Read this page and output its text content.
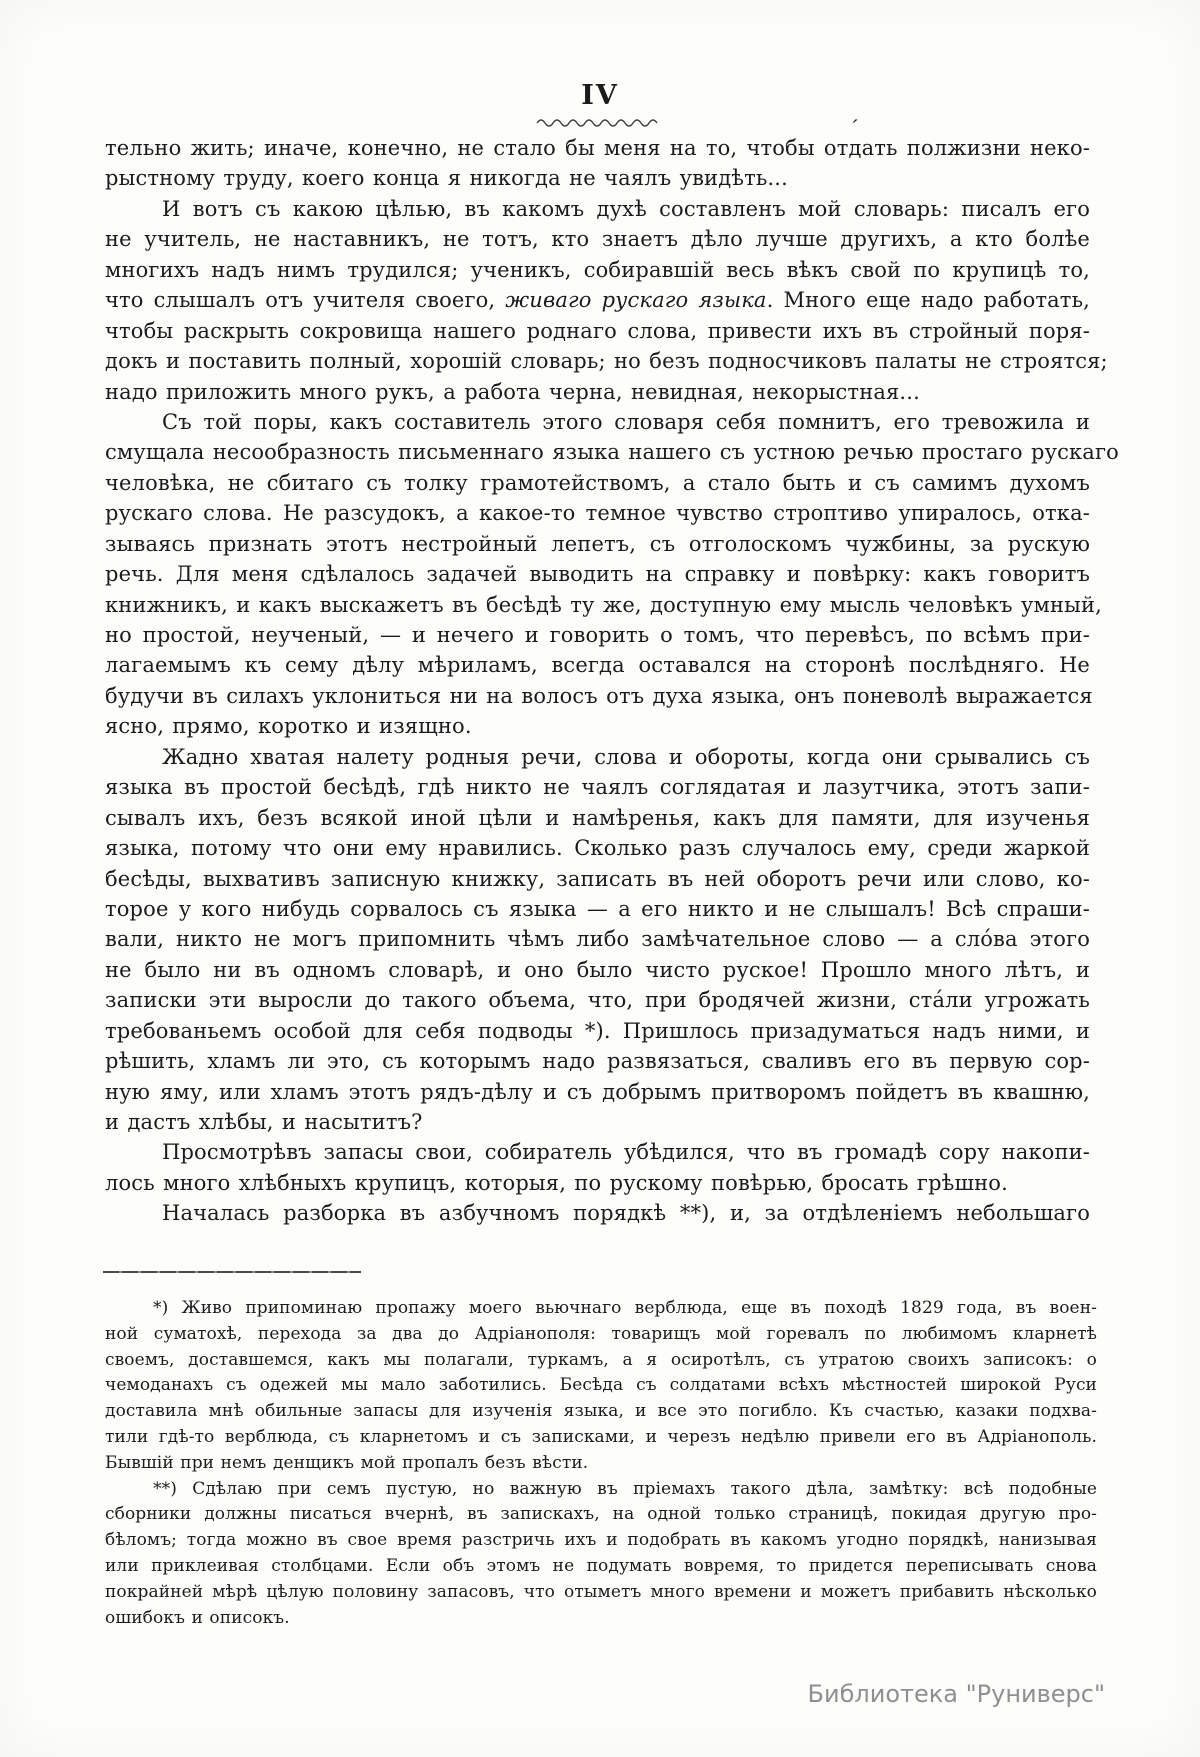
IV
´
тельно жить; иначе, конечно, не стало бы меня на то, чтобы отдать полжизни неко-
рыстному труду, коего конца я никогда не чаялъ увидѣть...
И вотъ съ какою цѣлью, въ какомъ духѣ составленъ мой словарь: писалъ его
не учитель, не наставникъ, не тотъ, кто знаетъ дѣло лучше другихъ, а кто болѣе
многихъ надъ нимъ трудился; ученикъ, собиравшій весь вѣкъ свой по крупицѣ то,
что слышалъ отъ учителя своего, живаго рускаго языка. Много еще надо работать,
чтобы раскрыть сокровища нашего роднаго слова, привести ихъ въ стройный поря-
докъ и поставить полный, хорошій словарь; но безъ подносчиковъ палаты не строятся;
надо приложить много рукъ, а работа черна, невидная, некорыстная...
Съ той поры, какъ составитель этого словаря себя помнитъ, его тревожила и
смущала несообразность письменнаго языка нашего съ устною речью простаго рускаго
человѣка, не сбитаго съ толку грамотействомъ, а стало быть и съ самимъ духомъ
рускаго слова. Не разсудокъ, а какое-то темное чувство строптиво упиралось, отка-
зываясь признать этотъ нестройный лепетъ, съ отголоскомъ чужбины, за рускую
речь. Для меня сдѣлалось задачей выводить на справку и повѣрку: какъ говоритъ
книжникъ, и какъ выскажетъ въ бесѣдѣ ту же, доступную ему мысль человѣкъ умный,
но простой, неученый, — и нечего и говорить о томъ, что перевѣсъ, по всѣмъ при-
лагаемымъ къ сему дѣлу мѣриламъ, всегда оставался на сторонѣ послѣдняго. Не
будучи въ силахъ уклониться ни на волосъ отъ духа языка, онъ поневолѣ выражается
ясно, прямо, коротко и изящно.
Жадно хватая налету родныя речи, слова и обороты, когда они срывались съ
языка въ простой бесѣдѣ, гдѣ никто не чаялъ соглядатая и лазутчика, этотъ запи-
сывалъ ихъ, безъ всякой иной цѣли и намѣренья, какъ для памяти, для изученья
языка, потому что они ему нравились. Сколько разъ случалось ему, среди жаркой
бесѣды, выхвативъ записную книжку, записать въ ней оборотъ речи или слово, ко-
торое у кого нибудь сорвалось съ языка — а его никто и не слышалъ! Всѣ спраши-
вали, никто не могъ припомнить чѣмъ либо замѣчательное слово — а сло́ва этого
не было ни въ одномъ словарѣ, и оно было чисто руское! Прошло много лѣтъ, и
записки эти выросли до такого объема, что, при бродячей жизни, ста́ли угрожать
требованьемъ особой для себя подводы *). Пришлось призадуматься надъ ними, и
рѣшить, хламъ ли это, съ которымъ надо развязаться, сваливъ его въ первую сор-
ную яму, или хламъ этотъ рядъ-дѣлу и съ добрымъ притворомъ пойдетъ въ квашню,
и дастъ хлѣбы, и насытитъ?
Просмотрѣвъ запасы свои, собиратель убѣдился, что въ громадѣ сору накопи-
лось много хлѣбныхъ крупицъ, которыя, по рускому повѣрью, бросать грѣшно.
Началась разборка въ азбучномъ порядкѣ **), и, за отдѣленіемъ небольшаго
*) Живо припоминаю пропажу моего вьючнаго верблюда, еще въ походѣ 1829 года, въ воен-
ной суматохѣ, перехода за два до Адріанополя: товарищъ мой горевалъ по любимомъ кларнетѣ
своемъ, доставшемся, какъ мы полагали, туркамъ, а я осиротѣлъ, съ утратою своихъ записокъ: о
чемоданахъ съ одежей мы мало заботились. Бесѣда съ солдатами всѣхъ мѣстностей широкой Руси
доставила мнѣ обильные запасы для изученія языка, и все это погибло. Къ счастью, казаки подхва-
тили гдѣ-то верблюда, съ кларнетомъ и съ записками, и черезъ недѣлю привели его въ Адріанополь.
Бывшій при немъ денщикъ мой пропалъ безъ вѣсти.
**) Сдѣлаю при семъ пустую, но важную въ пріемахъ такого дѣла, замѣтку: всѣ подобные
сборники должны писаться вчернѣ, въ запискахъ, на одной только страницѣ, покидая другую про-
бѣломъ; тогда можно въ свое время разстричь ихъ и подобрать въ какомъ угодно порядкѣ, нанизывая
или приклеивая столбцами. Если объ этомъ не подумать вовремя, то придется переписывать снова
покрайней мѣрѣ цѣлую половину запасовъ, что отыметъ много времени и можетъ прибавить нѣсколько
ошибокъ и описокъ.
Библиотека "Руниверс"
